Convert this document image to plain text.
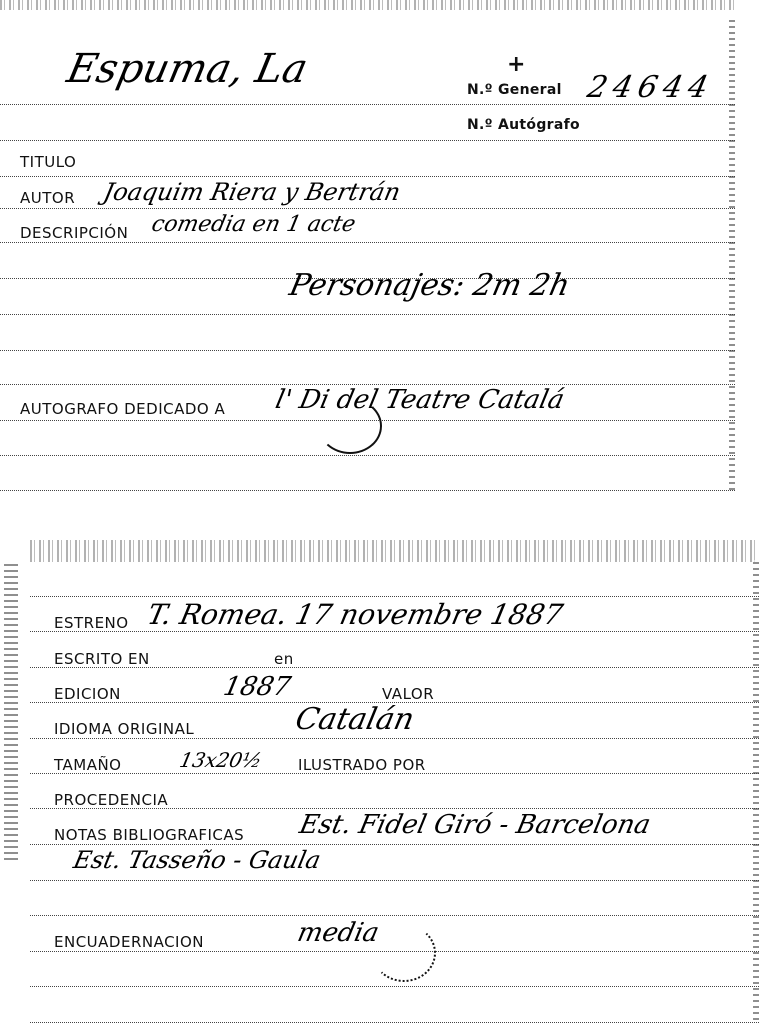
Espuma, La	+
N.º General 24644
N.º Autógrafo
TITULO
AUTOR Joaquim Riera y Bertrán
DESCRIPCIÓN comedia en 1 acte
Personajes: 2m 2h
AUTOGRAFO DEDICADO A l' Di del Teatre Catalá
ESTRENO T. Romea. 17 novembre 1887
ESCRITO EN	en
EDICION	1887	VALOR
IDIOMA ORIGINAL	Catalán
TAMAÑO	13x20½ ILUSTRADO POR
PROCEDENCIA
NOTAS BIBLIOGRAFICAS Est. Fidel Giró - Barcelona
Est. Tasseño - Gaula
ENCUADERNACION	media
